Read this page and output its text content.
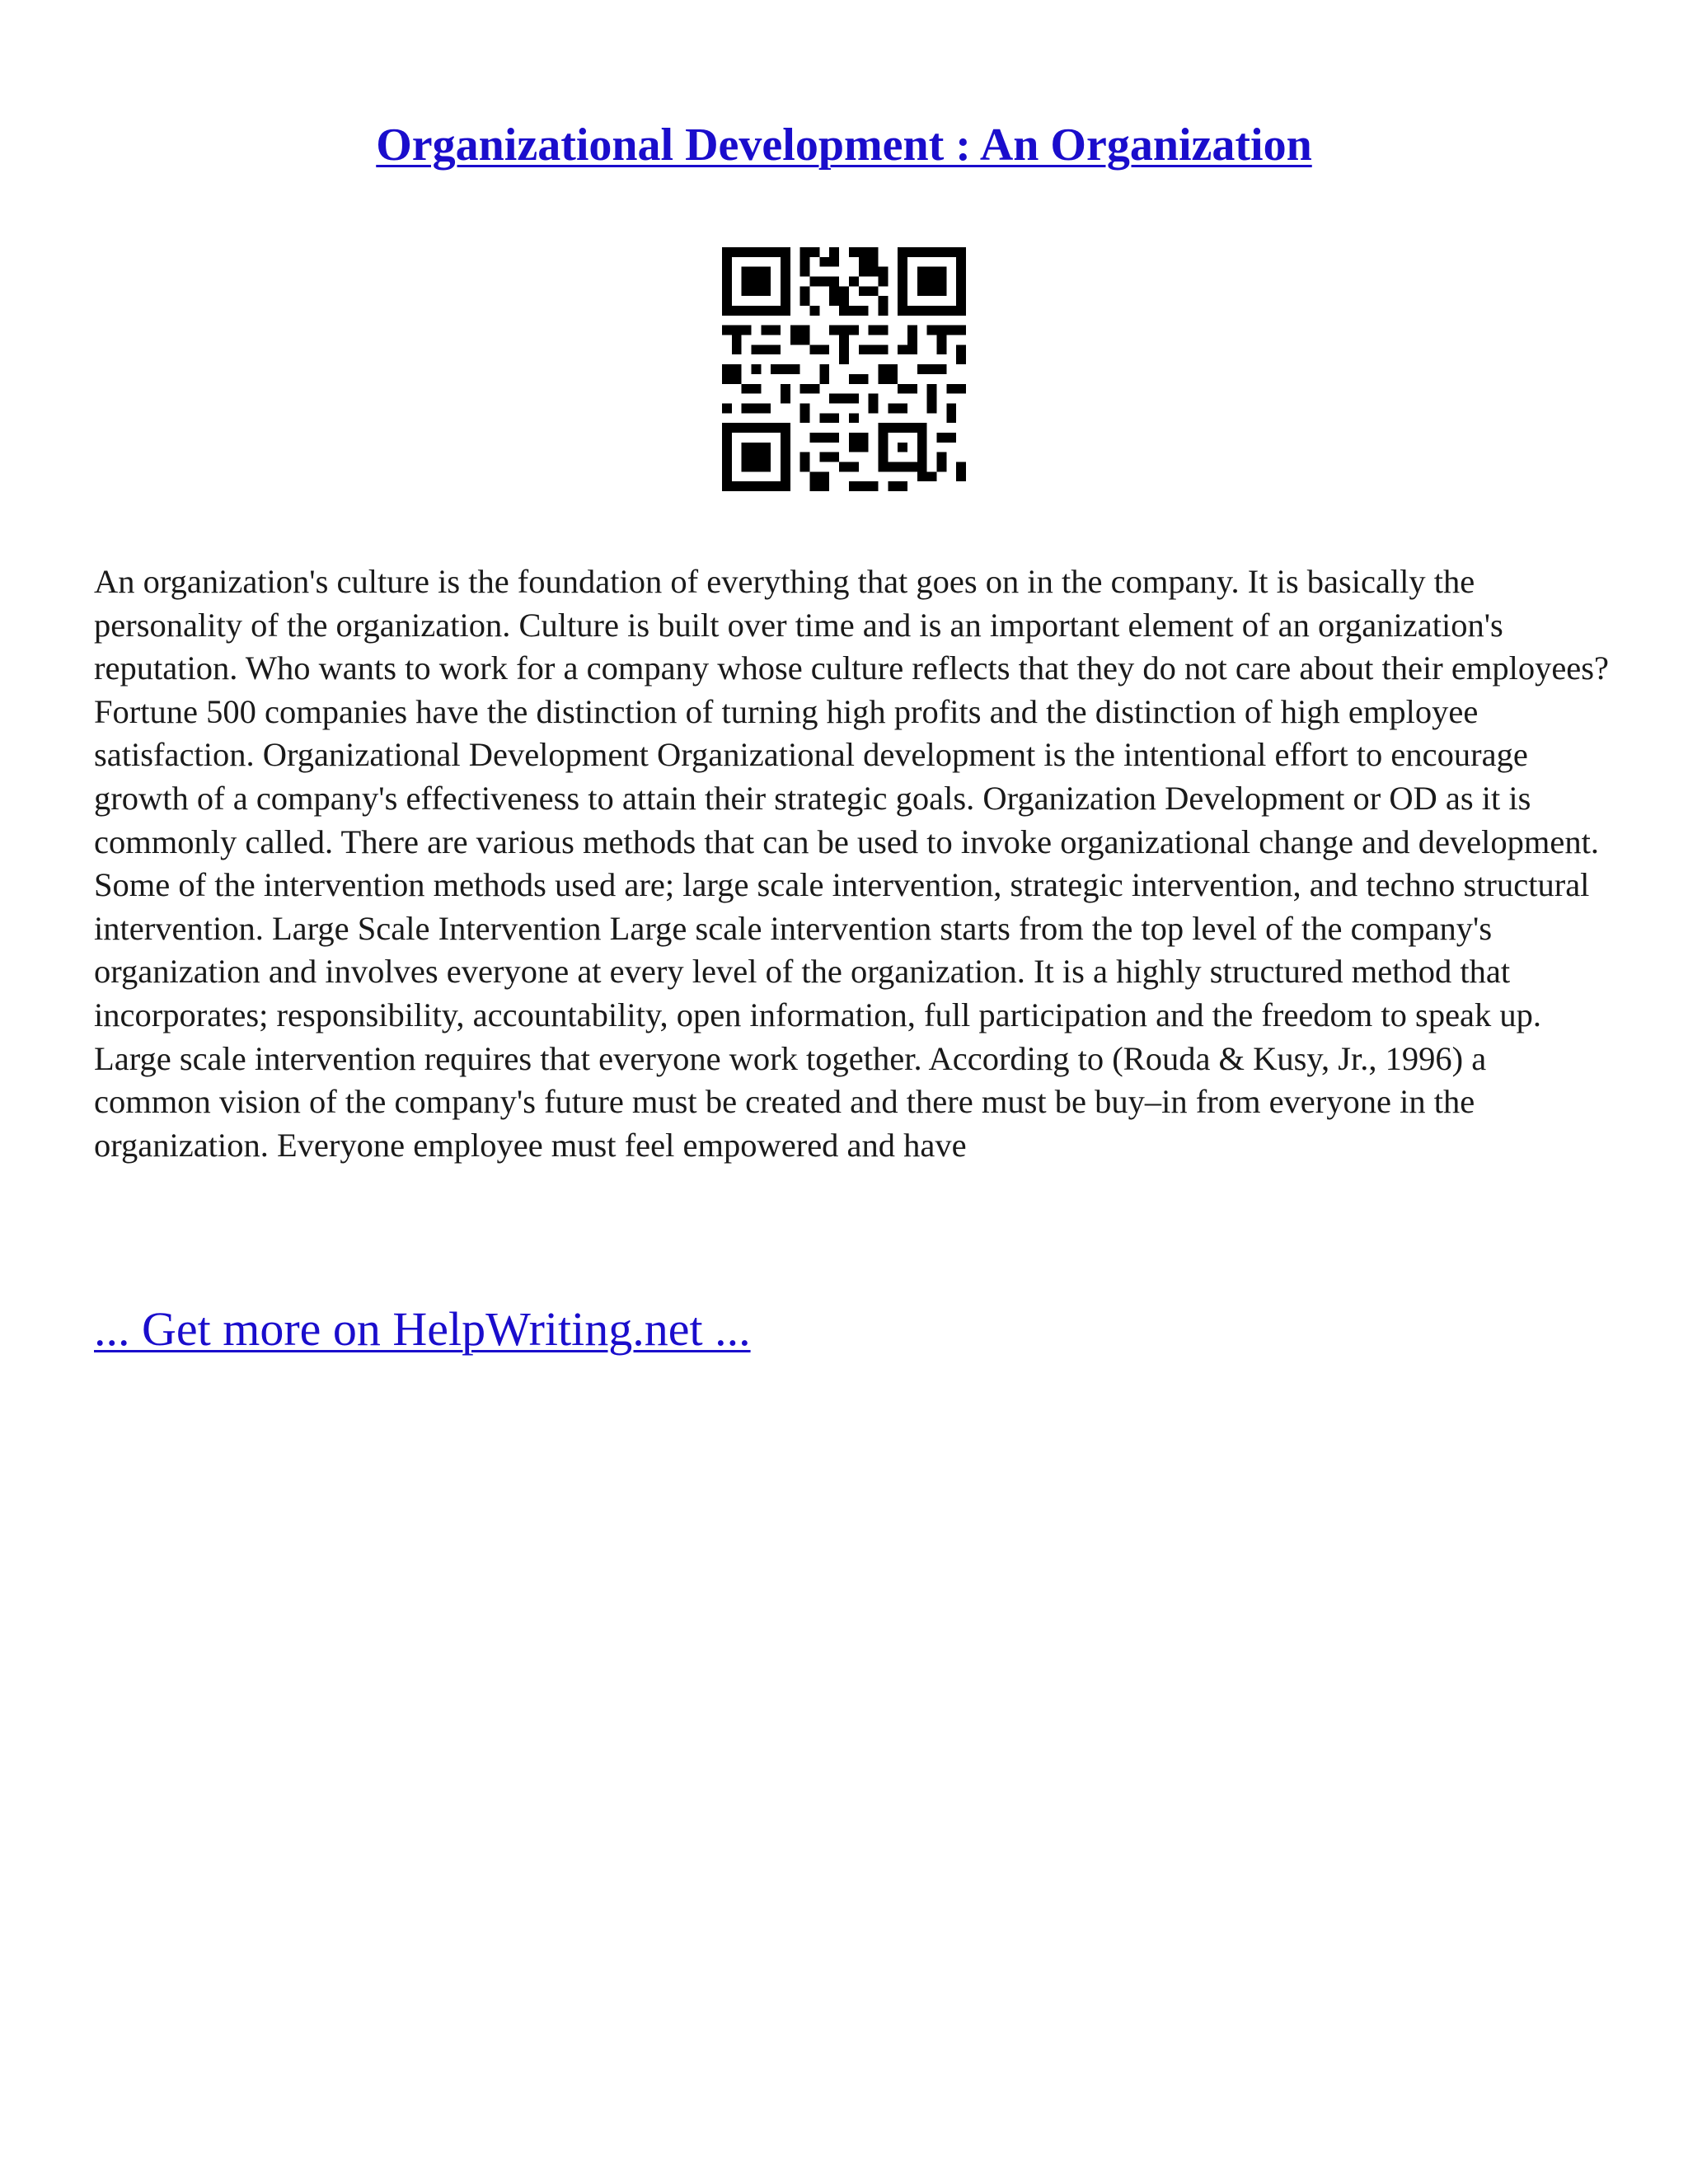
Organizational Development : An Organization

An organization's culture is the foundation of everything that goes on in the company. It is basically the personality of the organization. Culture is built over time and is an important element of an organization's reputation. Who wants to work for a company whose culture reflects that they do not care about their employees? Fortune 500 companies have the distinction of turning high profits and the distinction of high employee satisfaction. Organizational Development Organizational development is the intentional effort to encourage growth of a company's effectiveness to attain their strategic goals. Organization Development or OD as it is commonly called. There are various methods that can be used to invoke organizational change and development. Some of the intervention methods used are; large scale intervention, strategic intervention, and techno structural intervention. Large Scale Intervention Large scale intervention starts from the top level of the company's organization and involves everyone at every level of the organization. It is a highly structured method that incorporates; responsibility, accountability, open information, full participation and the freedom to speak up. Large scale intervention requires that everyone work together. According to (Rouda & Kusy, Jr., 1996) a common vision of the company's future must be created and there must be buy–in from everyone in the organization. Everyone employee must feel empowered and have

... Get more on HelpWriting.net ...
